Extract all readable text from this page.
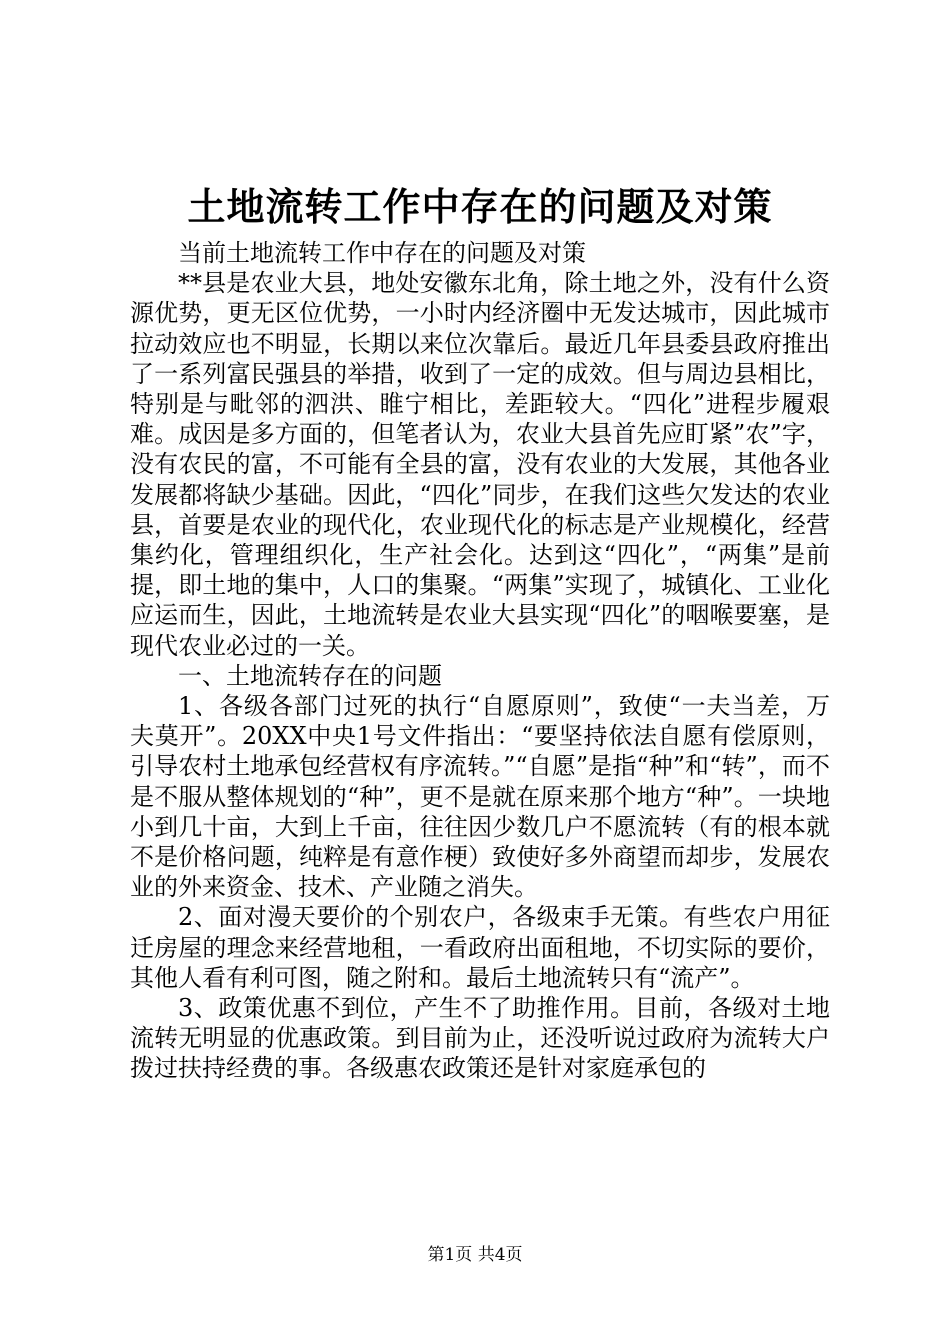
土地流转工作中存在的问题及对策

当前土地流转工作中存在的问题及对策

**县是农业大县，地处安徽东北角，除土地之外，没有什么资源优势，更无区位优势，一小时内经济圈中无发达城市，因此城市拉动效应也不明显，长期以来位次靠后。最近几年县委县政府推出了一系列富民强县的举措，收到了一定的成效。但与周边县相比，特别是与毗邻的泗洪、睢宁相比，差距较大。“四化”进程步履艰难。成因是多方面的，但笔者认为，农业大县首先应盯紧”农”字，没有农民的富，不可能有全县的富，没有农业的大发展，其他各业发展都将缺少基础。因此，“四化”同步，在我们这些欠发达的农业县，首要是农业的现代化，农业现代化的标志是产业规模化，经营集约化，管理组织化，生产社会化。达到这“四化”，“两集”是前提，即土地的集中，人口的集聚。“两集”实现了，城镇化、工业化应运而生，因此，土地流转是农业大县实现“四化”的咽喉要塞，是现代农业必过的一关。

一、土地流转存在的问题

1、各级各部门过死的执行“自愿原则”，致使“一夫当差，万夫莫开”。20XX中央1号文件指出：“要坚持依法自愿有偿原则，引导农村土地承包经营权有序流转。”“自愿”是指“种”和“转”，而不是不服从整体规划的“种”，更不是就在原来那个地方“种”。一块地小到几十亩，大到上千亩，往往因少数几户不愿流转（有的根本就不是价格问题，纯粹是有意作梗）致使好多外商望而却步，发展农业的外来资金、技术、产业随之消失。

2、面对漫天要价的个别农户，各级束手无策。有些农户用征迁房屋的理念来经营地租，一看政府出面租地，不切实际的要价，其他人看有利可图，随之附和。最后土地流转只有“流产”。

3、政策优惠不到位，产生不了助推作用。目前，各级对土地流转无明显的优惠政策。到目前为止，还没听说过政府为流转大户拨过扶持经费的事。各级惠农政策还是针对家庭承包的

第1页 共4页
